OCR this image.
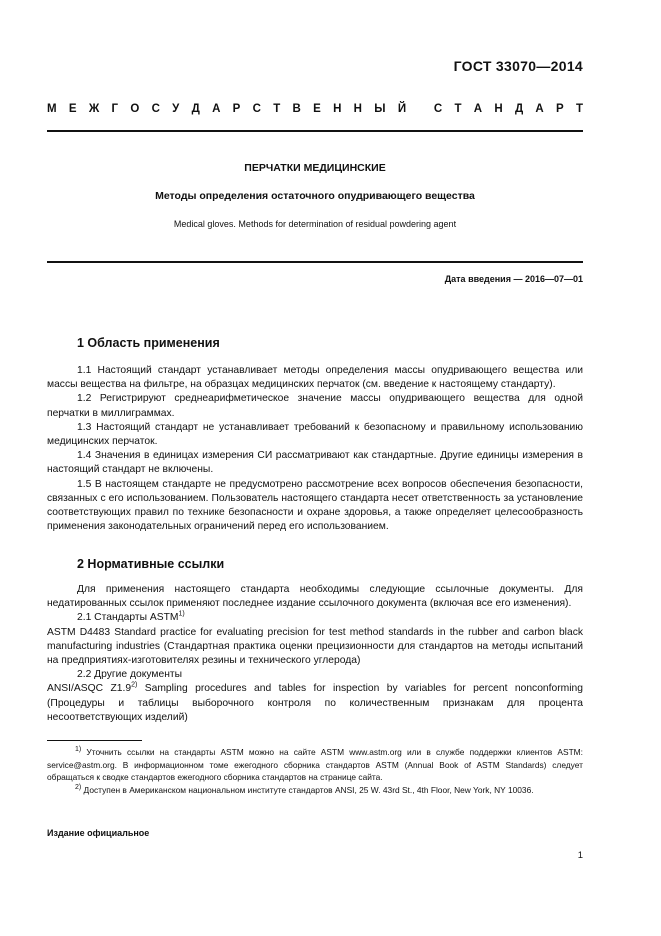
ГОСТ 33070—2014
М Е Ж Г О С У Д А Р С Т В Е Н Н Ы Й
С Т А Н Д А Р Т
ПЕРЧАТКИ МЕДИЦИНСКИЕ
Методы определения остаточного опудривающего вещества
Medical gloves. Methods for determination of residual powdering agent
Дата введения — 2016—07—01
1 Область применения

1.1 Настоящий стандарт устанавливает методы определения массы опудривающего вещества или массы вещества на фильтре, на образцах медицинских перчаток (см. введение к настоящему стандарту).

1.2 Регистрируют среднеарифметическое значение массы опудривающего вещества для одной перчатки в миллиграммах.

1.3 Настоящий стандарт не устанавливает требований к безопасному и правильному использованию медицинских перчаток.

1.4 Значения в единицах измерения СИ рассматривают как стандартные. Другие единицы измерения в настоящий стандарт не включены.

1.5 В настоящем стандарте не предусмотрено рассмотрение всех вопросов обеспечения безопасности, связанных с его использованием. Пользователь настоящего стандарта несет ответственность за установление соответствующих правил по технике безопасности и охране здоровья, а также определяет целесообразность применения законодательных ограничений перед его использованием.

2 Нормативные ссылки

Для применения настоящего стандарта необходимы следующие ссылочные документы. Для недатированных ссылок применяют последнее издание ссылочного документа (включая все его изменения).

2.1 Стандарты ASTM$^{1)}$

ASTM D4483 Standard practice for evaluating precision for test method standards in the rubber and carbon black manufacturing industries (Стандартная практика оценки прецизионности для стандартов на методы испытаний на предприятиях-изготовителях резины и технического углерода)

2.2 Другие документы

ANSI/ASQC Z1.9$^{2)}$ Sampling procedures and tables for inspection by variables for percent nonconforming (Процедуры и таблицы выборочного контроля по количественным признакам для процента несоответствующих изделий)

$^{1)}$ Уточнить ссылки на стандарты ASTM можно на сайте ASTM www.astm.org или в службе поддержки клиентов ASTM: service@astm.org. В информационном томе ежегодного сборника стандартов ASTM (Annual Book of ASTM Standards) следует обращаться к сводке стандартов ежегодного сборника стандартов на странице сайта.

$^{2)}$ Доступен в Американском национальном институте стандартов ANSI, 25 W. 43rd St., 4th Floor, New York, NY 10036.

Издание официальное
1
